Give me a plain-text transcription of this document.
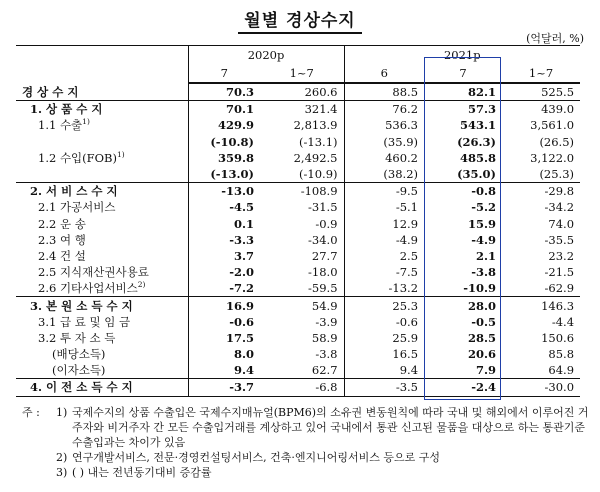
월별 경상수지
(억달러, %)
	2020p		2021p		
	7	1~7	6	7	1~7
경 상 수 지	70.3	260.6	88.5	82.1	525.5
1. 상 품 수 지	70.1	321.4	76.2	57.3	439.0
1.1 수출$^{1)}$	429.9	2,813.9	536.3	543.1	3,561.0
	(-10.8)	(-13.1)	(35.9)	(26.3)	(26.5)
1.2 수입(FOB)$^{1)}$	359.8	2,492.5	460.2	485.8	3,122.0
	(-13.0)	(-10.9)	(38.2)	(35.0)	(25.3)
2. 서 비 스 수 지	-13.0	-108.9	-9.5	-0.8	-29.8
2.1 가공서비스	-4.5	-31.5	-5.1	-5.2	-34.2
2.2 운 송	0.1	-0.9	12.9	15.9	74.0
2.3 여 행	-3.3	-34.0	-4.9	-4.9	-35.5
2.4 건 설	3.7	27.7	2.5	2.1	23.2
2.5 지식재산권사용료	-2.0	-18.0	-7.5	-3.8	-21.5
2.6 기타사업서비스$^{2)}$	-7.2	-59.5	-13.2	-10.9	-62.9
3. 본 원 소 득 수 지	16.9	54.9	25.3	28.0	146.3
3.1 급 료 및 임 금	-0.6	-3.9	-0.6	-0.5	-4.4
3.2 투 자 소 득	17.5	58.9	25.9	28.5	150.6
(배당소득)	8.0	-3.8	16.5	20.6	85.8
(이자소득)	9.4	62.7	9.4	7.9	64.9
4. 이 전 소 득 수 지	-3.7	-6.8	-3.5	-2.4	-30.0
주 :	1) 국제수지의 상품 수출입은 국제수지매뉴얼(BPM6)의 소유권 변동원칙에 따라 국내 및 해외에서 이루어진 거주자와 비거주자 간 모든 수출입거래를 계상하고 있어 국내에서 통관 신고된 물품을 대상으로 하는 통관기준 수출입과는 차이가 있음
2) 연구개발서비스, 전문·경영컨설팅서비스, 건축·엔지니어링서비스 등으로 구성
3) ( ) 내는 전년동기대비 증감률
